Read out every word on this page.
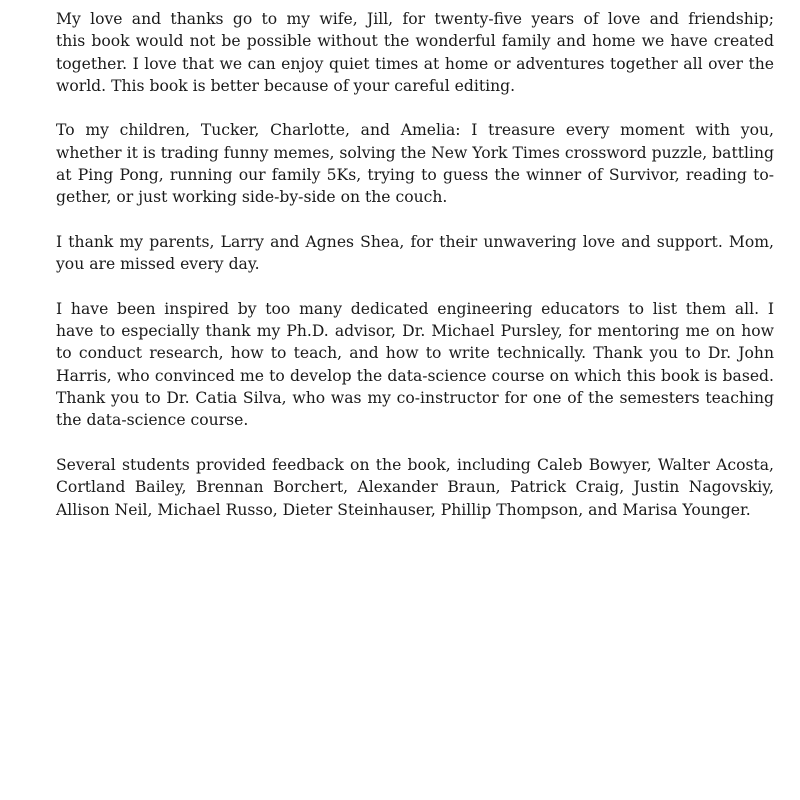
My love and thanks go to my wife, Jill, for twenty-five years of love and friendship;
this book would not be possible without the wonderful family and home we have created
together. I love that we can enjoy quiet times at home or adventures together all over the
world. This book is better because of your careful editing.
To my children, Tucker, Charlotte, and Amelia: I treasure every moment with you,
whether it is trading funny memes, solving the New York Times crossword puzzle, battling
at Ping Pong, running our family 5Ks, trying to guess the winner of Survivor, reading to-
gether, or just working side-by-side on the couch.
I thank my parents, Larry and Agnes Shea, for their unwavering love and support. Mom,
you are missed every day.
I have been inspired by too many dedicated engineering educators to list them all. I
have to especially thank my Ph.D. advisor, Dr. Michael Pursley, for mentoring me on how
to conduct research, how to teach, and how to write technically. Thank you to Dr. John
Harris, who convinced me to develop the data-science course on which this book is based.
Thank you to Dr. Catia Silva, who was my co-instructor for one of the semesters teaching
the data-science course.
Several students provided feedback on the book, including Caleb Bowyer, Walter Acosta,
Cortland Bailey, Brennan Borchert, Alexander Braun, Patrick Craig, Justin Nagovskiy,
Allison Neil, Michael Russo, Dieter Steinhauser, Phillip Thompson, and Marisa Younger.
